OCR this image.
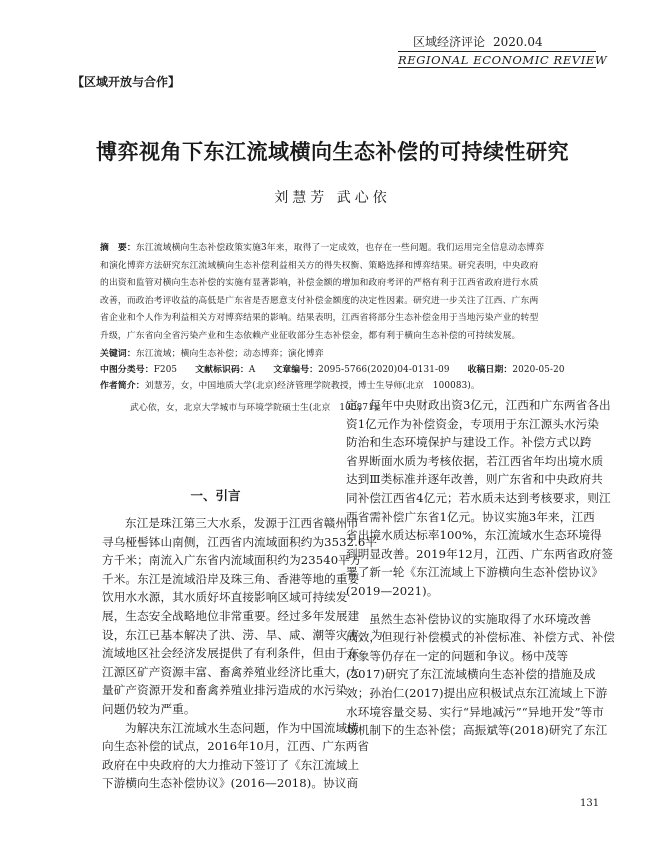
区域经济评论 2020.04
REGIONAL ECONOMIC REVIEW
【区域开放与合作】
博弈视角下东江流域横向生态补偿的可持续性研究
刘慧芳 武心依
摘　要：东江流域横向生态补偿政策实施3年来，取得了一定成效，也存在一些问题。我们运用完全信息动态博弈
和演化博弈方法研究东江流域横向生态补偿利益相关方的得失权衡、策略选择和博弈结果。研究表明，中央政府
的出资和监管对横向生态补偿的实施有显著影响，补偿金额的增加和政府考评的严格有利于江西省政府进行水质
改善，而政治考评收益的高低是广东省是否愿意支付补偿金额度的决定性因素。研究进一步关注了江西、广东两
省企业和个人作为利益相关方对博弈结果的影响。结果表明，江西省将部分生态补偿金用于当地污染产业的转型
升级，广东省向全省污染产业和生态依赖产业征收部分生态补偿金，都有利于横向生态补偿的可持续发展。
关键词：东江流域；横向生态补偿；动态博弈；演化博弈
中图分类号：F205 文献标识码：A 文章编号：2095-5766(2020)04-0131-09 收稿日期：2020-05-20
作者简介：刘慧芳，女，中国地质大学(北京)经济管理学院教授，博士生导师(北京　100083)。
武心依，女，北京大学城市与环境学院硕士生(北京　100871)。
一、引言

东江是珠江第三大水系，发源于江西省赣州市
寻乌桠髻钵山南侧，江西省内流域面积约为3532.6平
方千米；南流入广东省内流域面积约为23540平方
千米。东江是流域沿岸及珠三角、香港等地的重要
饮用水水源，其水质好坏直接影响区域可持续发
展，生态安全战略地位非常重要。经过多年发展建
设，东江已基本解决了洪、涝、旱、咸、潮等灾害，为
流域地区社会经济发展提供了有利条件，但由于东
江源区矿产资源丰富、畜禽养殖业经济比重大，大
量矿产资源开发和畜禽养殖业排污造成的水污染
问题仍较为严重。

为解决东江流域水生态问题，作为中国流域横
向生态补偿的试点，2016年10月，江西、广东两省
政府在中央政府的大力推动下签订了《东江流域上
下游横向生态补偿协议》(2016—2018)。协议商

定，每年中央财政出资3亿元，江西和广东两省各出
资1亿元作为补偿资金，专项用于东江源头水污染
防治和生态环境保护与建设工作。补偿方式以跨
省界断面水质为考核依据，若江西省年均出境水质
达到Ⅲ类标准并逐年改善，则广东省和中央政府共
同补偿江西省4亿元；若水质未达到考核要求，则江
西省需补偿广东省1亿元。协议实施3年来，江西
省出境水质达标率100%，东江流域水生态环境得
到明显改善。2019年12月，江西、广东两省政府签
署了新一轮《东江流域上下游横向生态补偿协议》
(2019—2021)。

虽然生态补偿协议的实施取得了水环境改善
成效，但现行补偿模式的补偿标准、补偿方式、补偿
对象等仍存在一定的问题和争议。杨中茂等
(2017)研究了东江流域横向生态补偿的措施及成
效；孙治仁(2017)提出应积极试点东江流域上下游
水环境容量交易、实行“异地减污”“异地开发”等市
场机制下的生态补偿；高振斌等(2018)研究了东江

131
